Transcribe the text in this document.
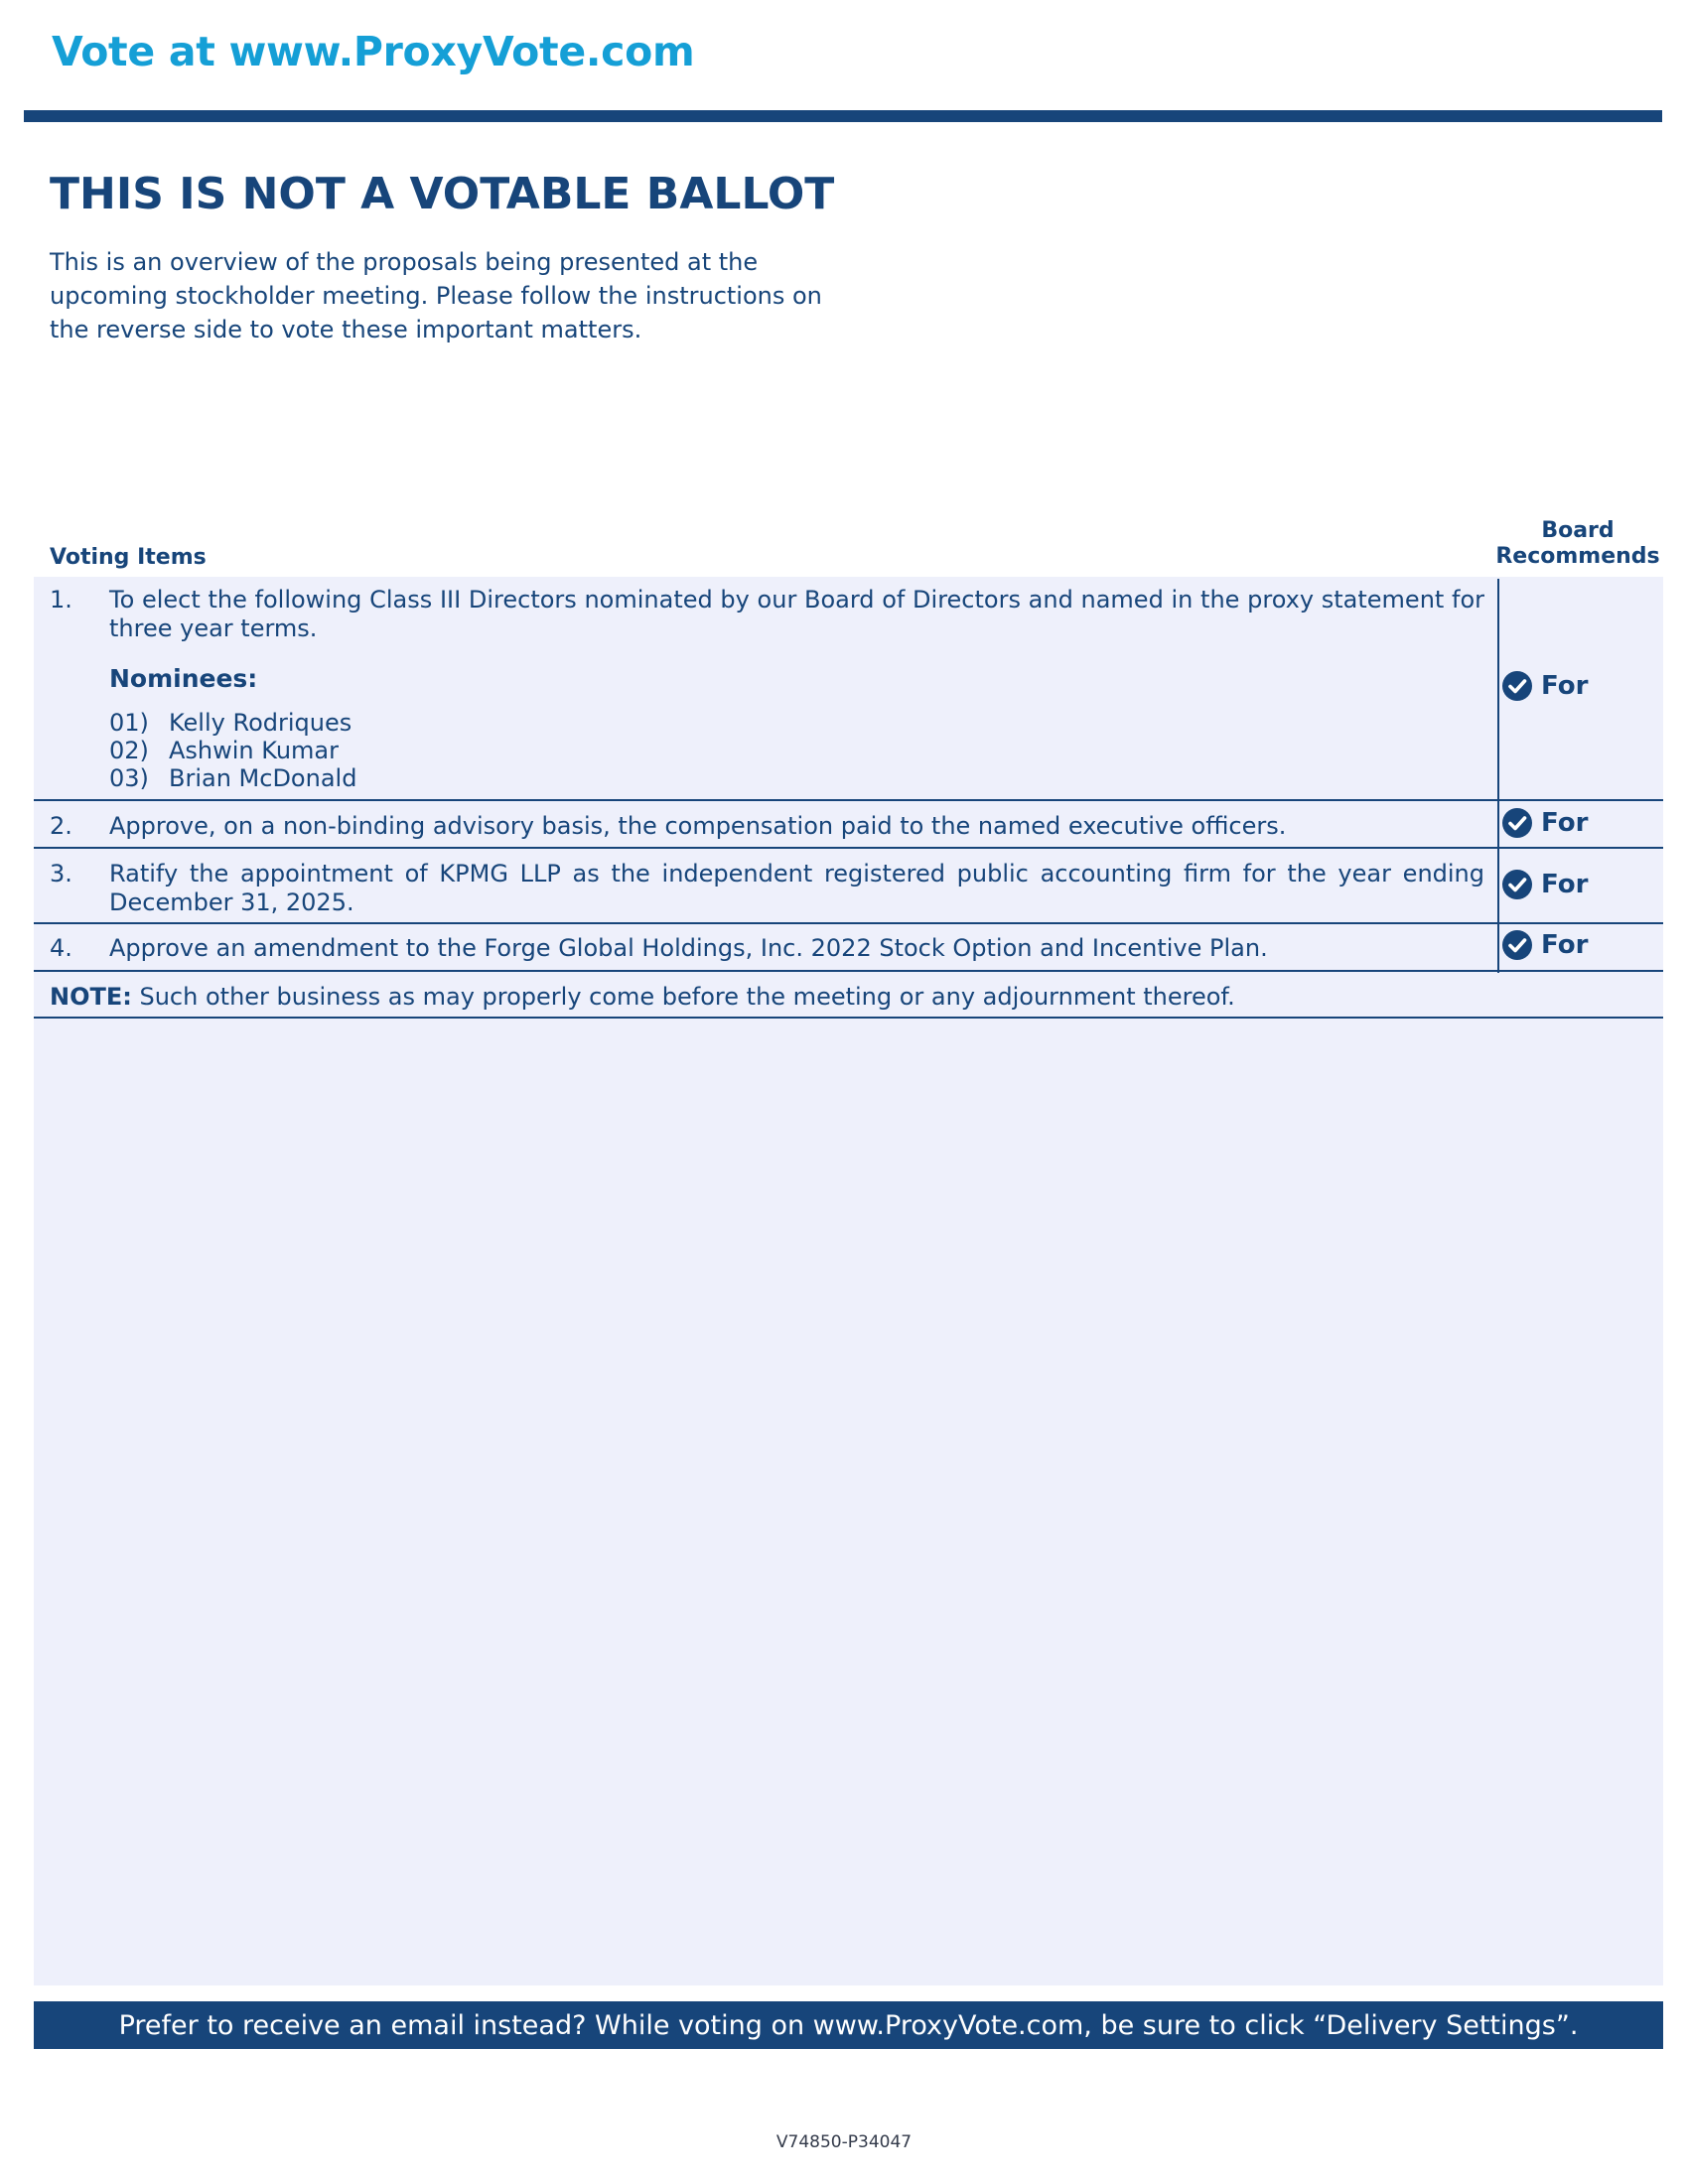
Vote at www.ProxyVote.com
THIS IS NOT A VOTABLE BALLOT
This is an overview of the proposals being presented at the upcoming stockholder meeting. Please follow the instructions on the reverse side to vote these important matters.
Voting Items
Board
Recommends
1. To elect the following Class III Directors nominated by our Board of Directors and named in the proxy statement for three year terms.
Nominees:
01) Kelly Rodriques
02) Ashwin Kumar
03) Brian McDonald
For
2. Approve, on a non-binding advisory basis, the compensation paid to the named executive officers.	For
3. Ratify the appointment of KPMG LLP as the independent registered public accounting firm for the year ending December 31, 2025.
For
4. Approve an amendment to the Forge Global Holdings, Inc. 2022 Stock Option and Incentive Plan.	For
NOTE: Such other business as may properly come before the meeting or any adjournment thereof.
Prefer to receive an email instead? While voting on www.ProxyVote.com, be sure to click “Delivery Settings”.
V74850-P34047
